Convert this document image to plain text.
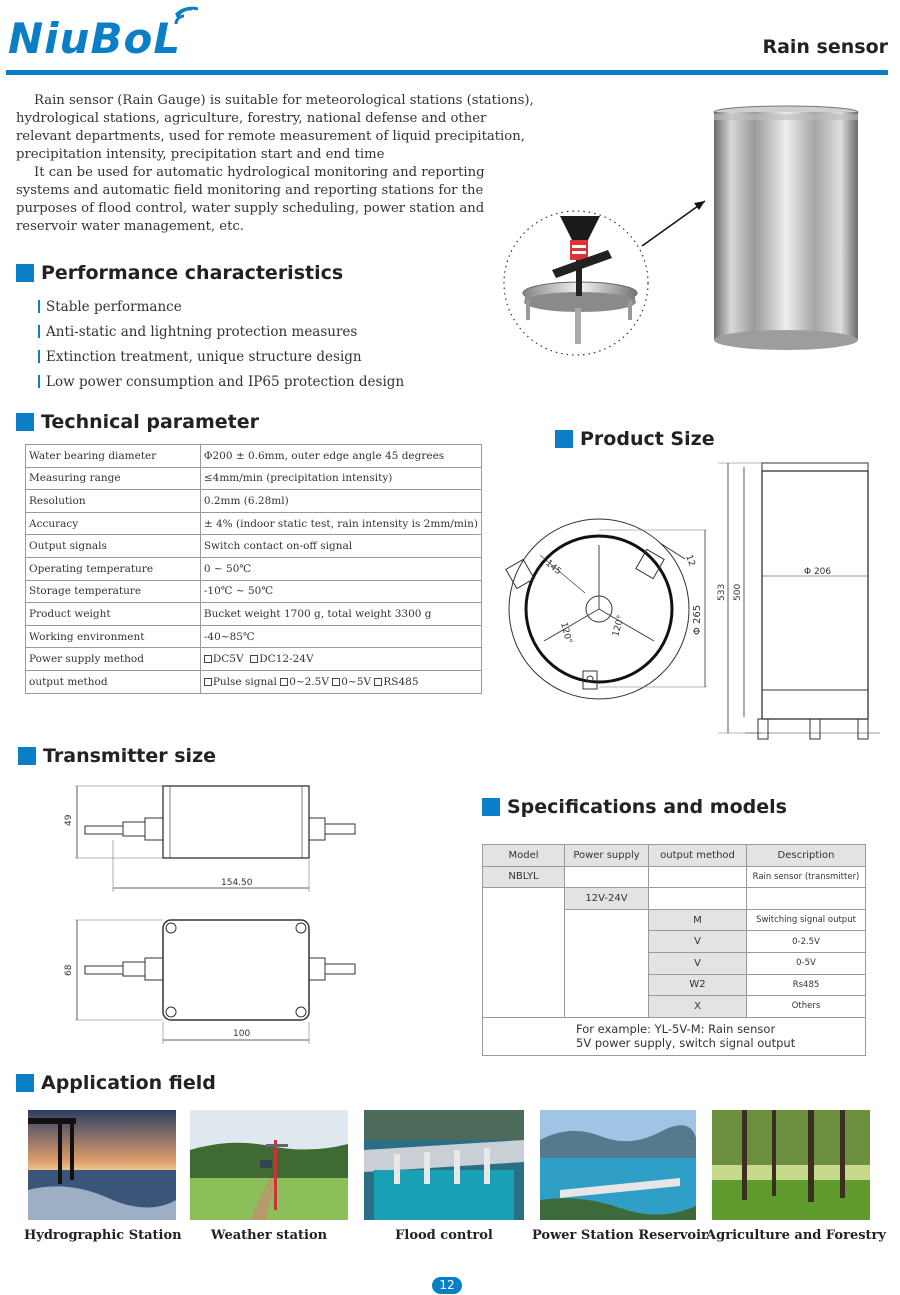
NiuBoL	Rain sensor

Rain sensor (Rain Gauge) is suitable for meteorological stations (stations), hydrological stations, agriculture, forestry, national defense and other relevant departments, used for remote measurement of liquid precipitation, precipitation intensity, precipitation start and end time

It can be used for automatic hydrological monitoring and reporting systems and automatic field monitoring and reporting stations for the purposes of flood control, water supply scheduling, power station and reservoir water management, etc.

Performance characteristics
Stable performance
Anti-static and lightning protection measures
Extinction treatment, unique structure design
Low power consumption and IP65 protection design
Technical parameter
Water bearing diameter	Φ200 ± 0.6mm, outer edge angle 45 degrees
Measuring range	≤4mm/min (precipitation intensity)
Resolution	0.2mm (6.28ml)
Accuracy	± 4% (indoor static test, rain intensity is 2mm/min)
Output signals	Switch contact on-off signal
Operating temperature	0 ~ 50℃
Storage temperature	-10℃ ~ 50℃
Product weight	Bucket weight 1700 g, total weight 3300 g
Working environment	-40~85℃
Power supply method	DC5V DC12-24V
output method	Pulse signal 0~2.5V 0~5V RS485
Product Size
145	12
120°	120°	Φ 265
533 500
Φ 206
Transmitter size
49
154.50
68
100
Specifications and models
Model	Power supply	output method	Description
NBLYL			Rain sensor (transmitter)
	12V-24V		
		M	Switching signal output
		V	0-2.5V
		V	0-5V
		W2	Rs485
		X	Others

For example: YL-5V-M: Rain sensor
5V power supply, switch signal output			
Application field
Hydrographic Station	Weather station	Flood control	Power Station Reservoir
Agriculture and Forestry
12
